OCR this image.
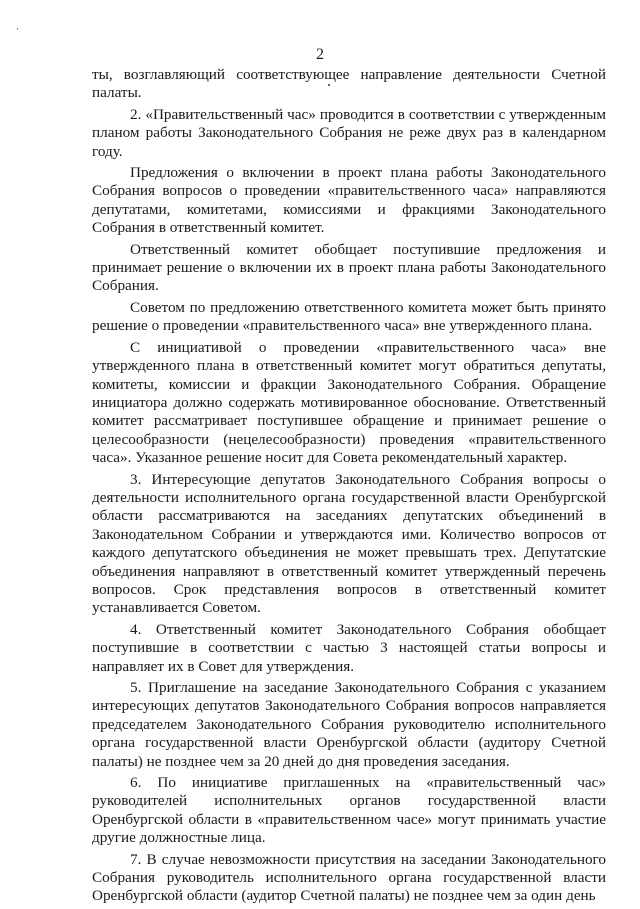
2

ты, возглавляющий соответствующее направление деятельности Счетной палаты.

2. «Правительственный час» проводится в соответствии с утвержденным планом работы Законодательного Собрания не реже двух раз в календарном году.

Предложения о включении в проект плана работы Законодательного Собрания вопросов о проведении «правительственного часа» направляются депутатами, комитетами, комиссиями и фракциями Законодательного Собрания в ответственный комитет.

Ответственный комитет обобщает поступившие предложения и принимает решение о включении их в проект плана работы Законодательного Собрания.

Советом по предложению ответственного комитета может быть принято решение о проведении «правительственного часа» вне утвержденного плана.

С инициативой о проведении «правительственного часа» вне утвержденного плана в ответственный комитет могут обратиться депутаты, комитеты, комиссии и фракции Законодательного Собрания. Обращение инициатора должно содержать мотивированное обоснование. Ответственный комитет рассматривает поступившее обращение и принимает решение о целесообразности (нецелесообразности) проведения «правительственного часа». Указанное решение носит для Совета рекомендательный характер.

3. Интересующие депутатов Законодательного Собрания вопросы о деятельности исполнительного органа государственной власти Оренбургской области рассматриваются на заседаниях депутатских объединений в Законодательном Собрании и утверждаются ими. Количество вопросов от каждого депутатского объединения не может превышать трех. Депутатские объединения направляют в ответственный комитет утвержденный перечень вопросов. Срок представления вопросов в ответственный комитет устанавливается Советом.

4. Ответственный комитет Законодательного Собрания обобщает поступившие в соответствии с частью 3 настоящей статьи вопросы и направляет их в Совет для утверждения.

5. Приглашение на заседание Законодательного Собрания с указанием интересующих депутатов Законодательного Собрания вопросов направляется председателем Законодательного Собрания руководителю исполнительного органа государственной власти Оренбургской области (аудитору Счетной палаты) не позднее чем за 20 дней до дня проведения заседания.

6. По инициативе приглашенных на «правительственный час» руководителей исполнительных органов государственной власти Оренбургской области в «правительственном часе» могут принимать участие другие должностные лица.

7. В случае невозможности присутствия на заседании Законодательного Собрания руководитель исполнительного органа государственной власти Оренбургской области (аудитор Счетной палаты) не позднее чем за один день
